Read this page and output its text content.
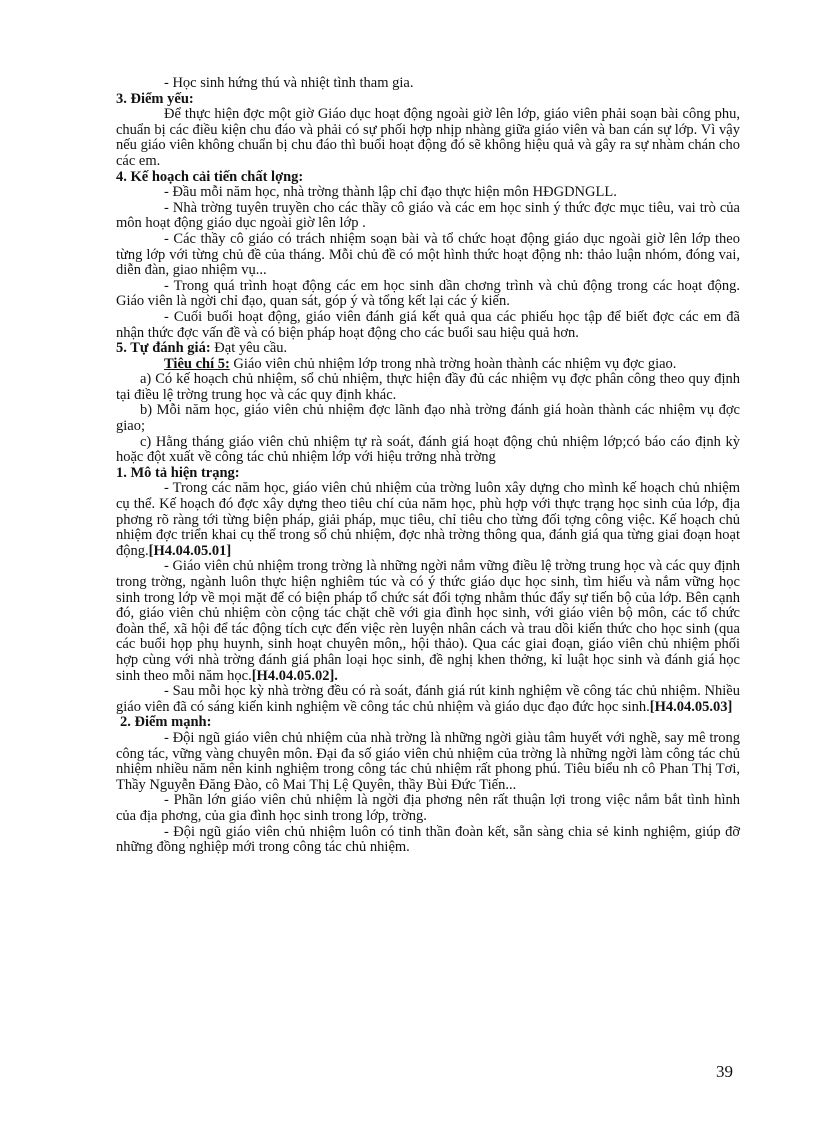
- Học sinh hứng thú và nhiệt tình tham gia.

3. Điểm yếu:

Để thực hiện đợc một giờ Giáo dục hoạt động ngoài giờ lên lớp, giáo viên phải soạn bài công phu, chuẩn bị các điều kiện chu đáo và phải có sự phối hợp nhịp nhàng giữa giáo viên và ban cán sự lớp. Vì vậy nếu giáo viên không chuẩn bị chu đáo thì buổi hoạt động đó sẽ không hiệu quả và gây ra sự nhàm chán cho các em.

4. Kế hoạch cải tiến chất lợng:

- Đầu mỗi năm học, nhà trờng thành lập chỉ đạo thực hiện môn HĐGDNGLL.

- Nhà trờng tuyên truyền cho các thầy cô giáo và các em học sinh ý thức đợc mục tiêu, vai trò của môn hoạt động giáo dục ngoài giờ lên lớp .

- Các thầy cô giáo có trách nhiệm soạn bài và tổ chức hoạt động giáo dục ngoài giờ lên lớp theo từng lớp với từng chủ đề của tháng. Mỗi chủ đề có một hình thức hoạt động nh: thảo luận nhóm, đóng vai, diễn đàn, giao nhiệm vụ...

- Trong quá trình hoạt động các em học sinh dần chơng trình và chủ động trong các hoạt động. Giáo viên là ngời chỉ đạo, quan sát, góp ý và tổng kết lại các ý kiến.

- Cuối buổi hoạt động, giáo viên đánh giá kết quả qua các phiếu học tập để biết đợc các em đã nhận thức đợc vấn đề và có biện pháp hoạt động cho các buổi sau hiệu quả hơn.

5. Tự đánh giá: Đạt yêu cầu.

Tiêu chí 5: Giáo viên chủ nhiệm lớp trong nhà trờng hoàn thành các nhiệm vụ đợc giao.

a) Có kế hoạch chủ nhiệm, sổ chủ nhiệm, thực hiện đầy đủ các nhiệm vụ đợc phân công theo quy định tại điều lệ trờng trung học và các quy định khác.

b) Mỗi năm học, giáo viên chủ nhiệm đợc lãnh đạo nhà trờng đánh giá hoàn thành các nhiệm vụ đợc giao;

c) Hằng tháng giáo viên chủ nhiệm tự rà soát, đánh giá hoạt động chủ nhiệm lớp;có báo cáo định kỳ hoặc đột xuất về công tác chủ nhiệm lớp với hiệu trởng nhà trờng

1. Mô tả hiện trạng:

- Trong các năm học, giáo viên chủ nhiệm của trờng luôn xây dựng cho mình kế hoạch chủ nhiệm cụ thể. Kế hoạch đó đợc xây dựng theo tiêu chí của năm học, phù hợp với thực trạng học sinh của lớp, địa phơng rõ ràng tới từng biện pháp, giải pháp, mục tiêu, chỉ tiêu cho từng đối tợng công việc. Kế hoạch chủ nhiệm đợc triển khai cụ thể trong sổ chủ nhiệm, đợc nhà trờng thông qua, đánh giá qua từng giai đoạn hoạt động.[H4.04.05.01]

- Giáo viên chủ nhiệm trong trờng là những ngời nắm vững điều lệ trờng trung học và các quy định trong trờng, ngành luôn thực hiện nghiêm túc và có ý thức giáo dục học sinh, tìm hiểu và nắm vững học sinh trong lớp về mọi mặt để có biện pháp tổ chức sát đối tợng nhằm thúc đẩy sự tiến bộ của lớp. Bên cạnh đó, giáo viên chủ nhiệm còn cộng tác chặt chẽ với gia đình học sinh, với giáo viên bộ môn, các tổ chức đoàn thể, xã hội để tác động tích cực đến việc rèn luyện nhân cách và trau dồi kiến thức cho học sinh (qua các buổi họp phụ huynh, sinh hoạt chuyên môn,, hội thảo). Qua các giai đoạn, giáo viên chủ nhiệm phối hợp cùng với nhà trờng đánh giá phân loại học sinh, đề nghị khen thởng, kỉ luật học sinh và đánh giá học sinh theo mỗi năm học.[H4.04.05.02].

- Sau mỗi học kỳ nhà trờng đều có rà soát, đánh giá rút kinh nghiệm về công tác chủ nhiệm. Nhiều giáo viên đã có sáng kiến kinh nghiệm về công tác chủ nhiệm và giáo dục đạo đức học sinh.[H4.04.05.03]

2. Điểm mạnh:

- Đội ngũ giáo viên chủ nhiệm của nhà trờng là những ngời giàu tâm huyết với nghề, say mê trong công tác, vững vàng chuyên môn. Đại đa số giáo viên chủ nhiệm của trờng là những ngời làm công tác chủ nhiệm nhiều năm nên kinh nghiệm trong công tác chủ nhiệm rất phong phú. Tiêu biểu nh cô Phan Thị Tơi, Thầy Nguyễn Đăng Đào, cô Mai Thị Lệ Quyên, thầy Bùi Đức Tiến...

- Phần lớn giáo viên chủ nhiệm là ngời địa phơng nên rất thuận lợi trong việc nắm bắt tình hình của địa phơng, của gia đình học sinh trong lớp, trờng.

- Đội ngũ giáo viên chủ nhiệm luôn có tinh thần đoàn kết, sẵn sàng chia sẻ kinh nghiệm, giúp đỡ những đồng nghiệp mới trong công tác chủ nhiệm.

39
